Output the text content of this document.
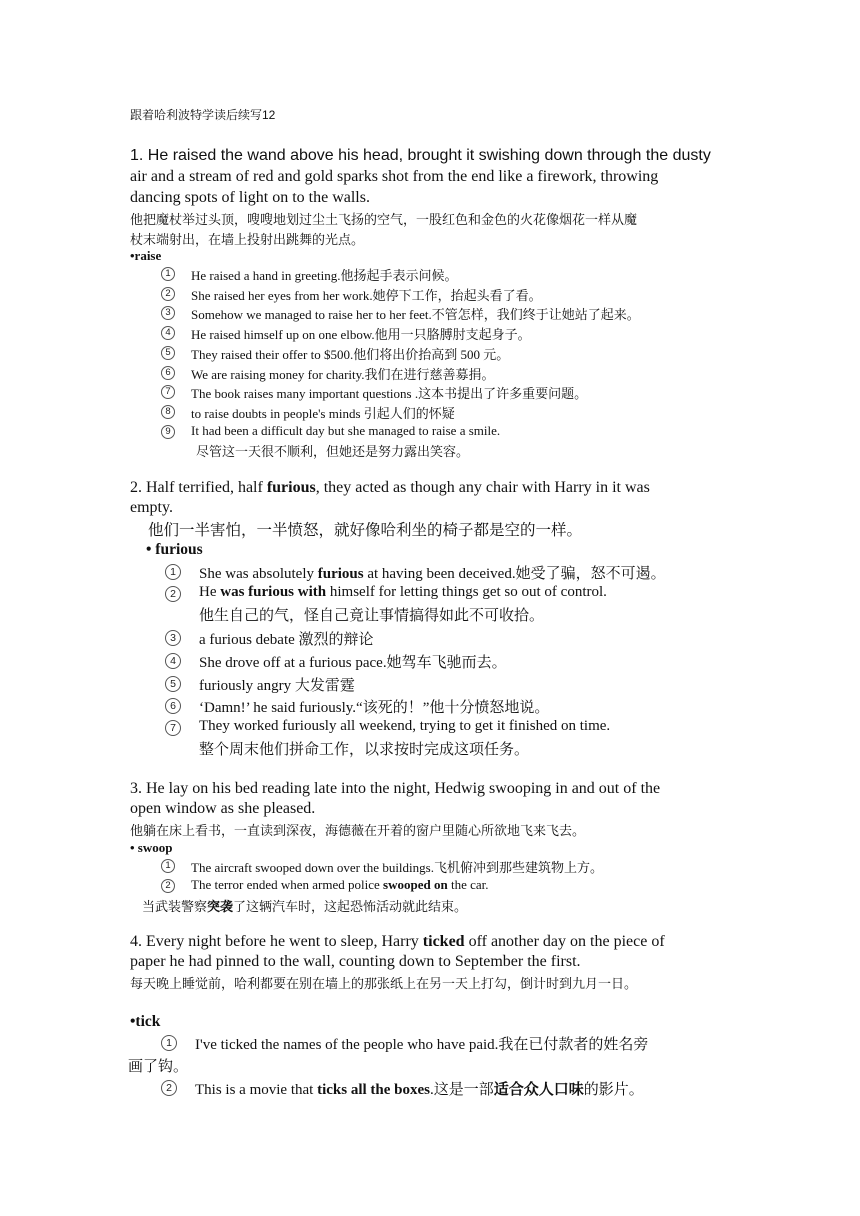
跟着哈利波特学读后续写12
1. He raised the wand above his head, brought it swishing down through the dusty
air and a stream of red and gold sparks shot from the end like a firework, throwing
dancing spots of light on to the walls.
他把魔杖举过头顶，嗖嗖地划过尘土飞扬的空气，一股红色和金色的火花像烟花一样从魔
杖末端射出，在墙上投射出跳舞的光点。
•raise
1	He raised a hand in greeting.他扬起手表示问候。
2	She raised her eyes from her work.她停下工作，抬起头看了看。
3	Somehow we managed to raise her to her feet.不管怎样，我们终于让她站了起来。
4	He raised himself up on one elbow.他用一只胳膊肘支起身子。
5	They raised their offer to $500.他们将出价抬高到 500 元。
6	We are raising money for charity.我们在进行慈善募捐。
7	The book raises many important questions .这本书提出了许多重要问题。
8	to raise doubts in people's minds 引起人们的怀疑
9	It had been a difficult day but she managed to raise a smile.
尽管这一天很不顺利，但她还是努力露出笑容。
2. Half terrified, half furious, they acted as though any chair with Harry in it was
empty.
他们一半害怕，一半愤怒，就好像哈利坐的椅子都是空的一样。
• furious
1	She was absolutely furious at having been deceived.她受了骗，怒不可遏。
2	He was furious with himself for letting things get so out of control.
他生自己的气，怪自己竟让事情搞得如此不可收拾。
3	a furious debate 激烈的辩论
4	She drove off at a furious pace.她驾车飞驰而去。
5	furiously angry 大发雷霆
6	‘Damn!’ he said furiously.“该死的！”他十分愤怒地说。
7	They worked furiously all weekend, trying to get it finished on time.
整个周末他们拼命工作，以求按时完成这项任务。
3. He lay on his bed reading late into the night, Hedwig swooping in and out of the
open window as she pleased.
他躺在床上看书，一直读到深夜，海德薇在开着的窗户里随心所欲地飞来飞去。
• swoop
1	The aircraft swooped down over the buildings.飞机俯冲到那些建筑物上方。
2	The terror ended when armed police swooped on the car.
当武装警察突袭了这辆汽车时，这起恐怖活动就此结束。
4. Every night before he went to sleep, Harry ticked off another day on the piece of
paper he had pinned to the wall, counting down to September the first.
每天晚上睡觉前，哈利都要在别在墙上的那张纸上在另一天上打勾，倒计时到九月一日。
•tick
1	I've ticked the names of the people who have paid.我在已付款者的姓名旁
画了钩。
2	This is a movie that ticks all the boxes.这是一部适合众人口味的影片。
